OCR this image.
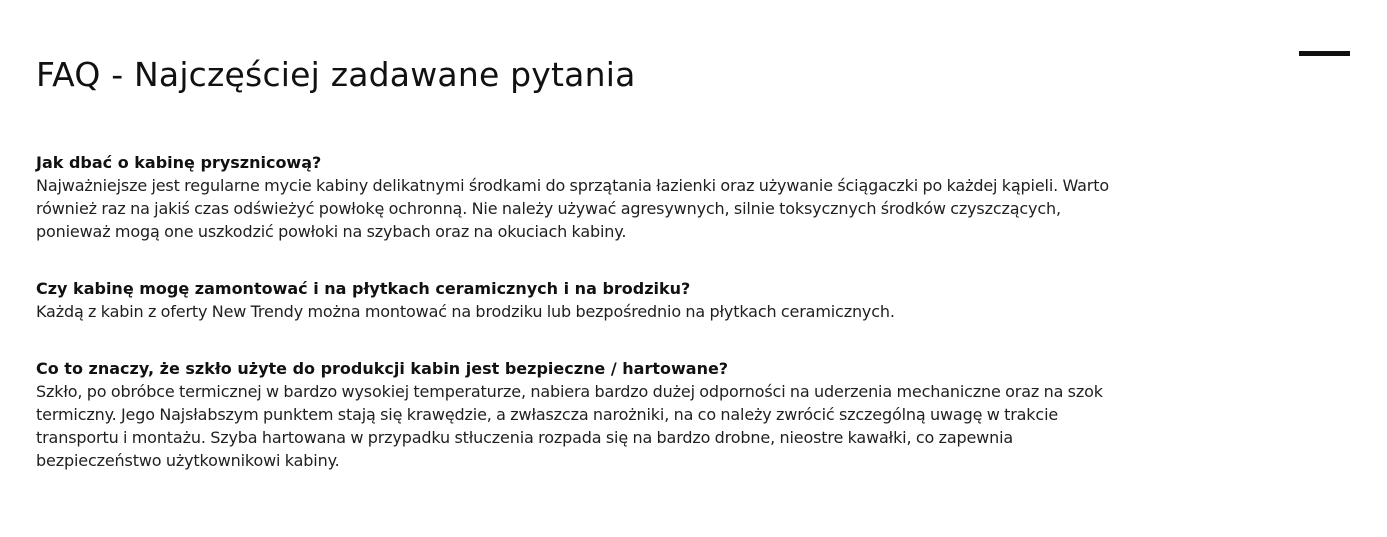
FAQ - Najczęściej zadawane pytania

Jak dbać o kabinę prysznicową?

Najważniejsze jest regularne mycie kabiny delikatnymi środkami do sprzątania łazienki oraz używanie ściągaczki po każdej kąpieli. Warto
również raz na jakiś czas odświeżyć powłokę ochronną. Nie należy używać agresywnych, silnie toksycznych środków czyszczących,
ponieważ mogą one uszkodzić powłoki na szybach oraz na okuciach kabiny.

Czy kabinę mogę zamontować i na płytkach ceramicznych i na brodziku?

Każdą z kabin z oferty New Trendy można montować na brodziku lub bezpośrednio na płytkach ceramicznych.

Co to znaczy, że szkło użyte do produkcji kabin jest bezpieczne / hartowane?

Szkło, po obróbce termicznej w bardzo wysokiej temperaturze, nabiera bardzo dużej odporności na uderzenia mechaniczne oraz na szok
termiczny. Jego Najsłabszym punktem stają się krawędzie, a zwłaszcza narożniki, na co należy zwrócić szczególną uwagę w trakcie
transportu i montażu. Szyba hartowana w przypadku stłuczenia rozpada się na bardzo drobne, nieostre kawałki, co zapewnia
bezpieczeństwo użytkownikowi kabiny.
